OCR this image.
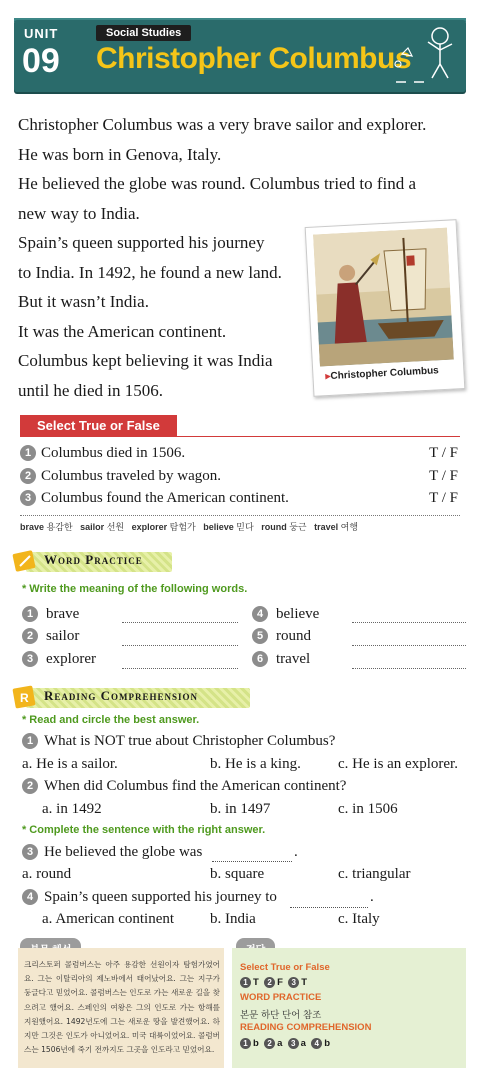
UNIT
09
Social Studies
Christopher Columbus
Christopher Columbus was a very brave sailor and explorer.
He was born in Genova, Italy.
He believed the globe was round. Columbus tried to find a
new way to India.
Spain’s queen supported his journey
to India. In 1492, he found a new land.
But it wasn’t India.
It was the American continent.
Columbus kept believing it was India
until he died in 1506.
▸Christopher Columbus
Select True or False
1 Columbus died in 1506.	T / F
2 Columbus traveled by wagon.	T / F
3 Columbus found the American continent.	T / F
brave 용감한 sailor 선원 explorer 탐험가 believe 믿다 round 둥근 travel 여행
Word Practice
* Write the meaning of the following words.
1 brave
2 sailor
3 explorer
4 believe
5 round
6 travel
R Reading Comprehension
* Read and circle the best answer.
1 What is NOT true about Christopher Columbus?
a. He is a sailor.	b. He is a king. c. He is an explorer.
2 When did Columbus find the American continent?
a. in 1492	b. in 1497	c. in 1506
* Complete the sentence with the right answer.
3 He believed the globe was	.
a. round	b. square	c. triangular
4 Spain’s queen supported his journey to	.
a. American continent b. India	c. Italy
크리스토퍼 콜럼버스는 아주 용감한 선원이자 탐험가였어요. 그는 이탈리아의 제노바에서 태어났어요. 그는 지구가 둥글다고 믿었어요. 콜럼버스는 인도로 가는 새로운 길을 찾으려고 했어요. 스페인의 여왕은 그의 인도로 가는 항해를 지원했어요. 1492년도에 그는 새로운 땅을 발견했어요. 하지만 그것은 인도가 아니었어요. 미국 대륙이었어요. 콜럼버스는 1506년에 죽기 전까지도 그곳을 인도라고 믿었어요.
Select True or False
1 T 2 F 3 T
WORD PRACTICE
본문 하단 단어 참조
READING COMPREHENSION
1 b 2 a 3 a 4 b
